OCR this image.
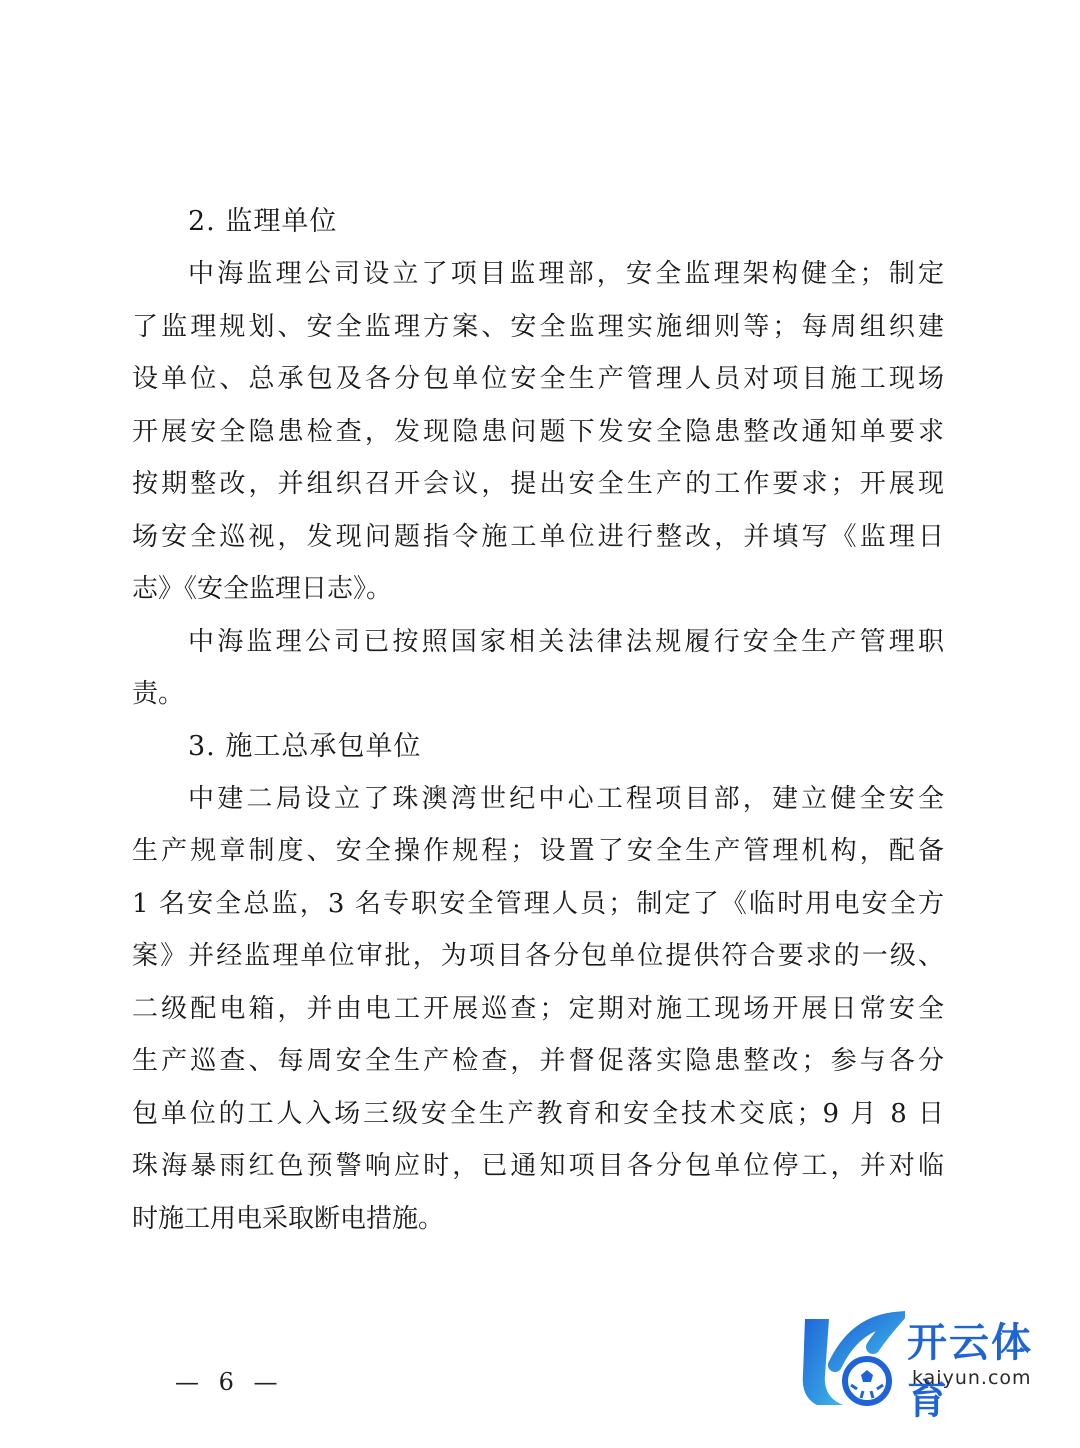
2. 监理单位
中海监理公司设立了项目监理部，安全监理架构健全；制定
了监理规划、安全监理方案、安全监理实施细则等；每周组织建
设单位、总承包及各分包单位安全生产管理人员对项目施工现场
开展安全隐患检查，发现隐患问题下发安全隐患整改通知单要求
按期整改，并组织召开会议，提出安全生产的工作要求；开展现
场安全巡视，发现问题指令施工单位进行整改，并填写《监理日
志》《安全监理日志》。
中海监理公司已按照国家相关法律法规履行安全生产管理职
责。
3. 施工总承包单位
中建二局设立了珠澳湾世纪中心工程项目部，建立健全安全
生产规章制度、安全操作规程；设置了安全生产管理机构，配备
1 名安全总监，3 名专职安全管理人员；制定了《临时用电安全方
案》并经监理单位审批，为项目各分包单位提供符合要求的一级、
二级配电箱，并由电工开展巡查；定期对施工现场开展日常安全
生产巡查、每周安全生产检查，并督促落实隐患整改；参与各分
包单位的工人入场三级安全生产教育和安全技术交底；9 月 8 日
珠海暴雨红色预警响应时，已通知项目各分包单位停工，并对临
时施工用电采取断电措施。
— 6 —
开云体育
kaiyun.com
